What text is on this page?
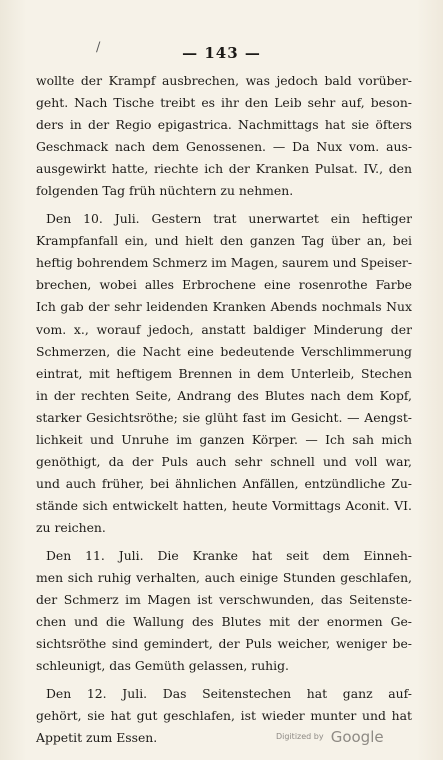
/	— 143 —
wollte der Krampf ausbrechen, was jedoch bald vorüber-
geht. Nach Tische treibt es ihr den Leib sehr auf, beson-
ders in der Regio epigastrica. Nachmittags hat sie öfters
Geschmack nach dem Genossenen. — Da Nux vom. aus-
ausgewirkt hatte, riechte ich der Kranken Pulsat. IV., den
folgenden Tag früh nüchtern zu nehmen.
Den 10. Juli. Gestern trat unerwartet ein heftiger
Krampfanfall ein, und hielt den ganzen Tag über an, bei
heftig bohrendem Schmerz im Magen, saurem und Speiser-
brechen, wobei alles Erbrochene eine rosenrothe Farbe
Ich gab der sehr leidenden Kranken Abends nochmals Nux
vom. x., worauf jedoch, anstatt baldiger Minderung der
Schmerzen, die Nacht eine bedeutende Verschlimmerung
eintrat, mit heftigem Brennen in dem Unterleib, Stechen
in der rechten Seite, Andrang des Blutes nach dem Kopf,
starker Gesichtsröthe; sie glüht fast im Gesicht. — Aengst-
lichkeit und Unruhe im ganzen Körper. — Ich sah mich
genöthigt, da der Puls auch sehr schnell und voll war,
und auch früher, bei ähnlichen Anfällen, entzündliche Zu-
stände sich entwickelt hatten, heute Vormittags Aconit. VI.
zu reichen.
Den 11. Juli. Die Kranke hat seit dem Einneh-
men sich ruhig verhalten, auch einige Stunden geschlafen,
der Schmerz im Magen ist verschwunden, das Seitenste-
chen und die Wallung des Blutes mit der enormen Ge-
sichtsröthe sind gemindert, der Puls weicher, weniger be-
schleunigt, das Gemüth gelassen, ruhig.
Den 12. Juli. Das Seitenstechen hat ganz auf-
gehört, sie hat gut geschlafen, ist wieder munter und hat
Appetit zum Essen.	Digitized by Google
